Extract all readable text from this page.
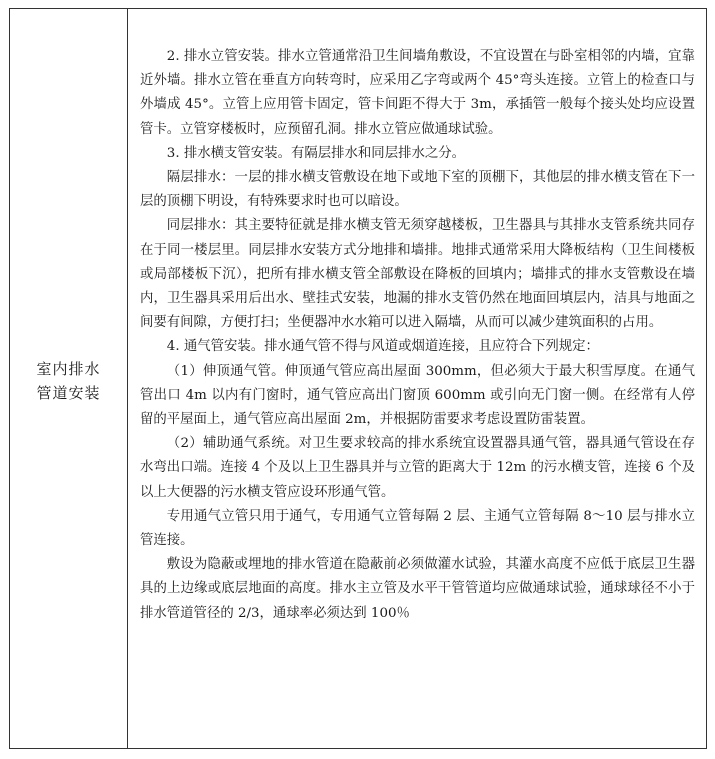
室内排水管道安装

2. 排水立管安装。排水立管通常沿卫生间墙角敷设，不宜设置在与卧室相邻的内墙，宜靠近外墙。排水立管在垂直方向转弯时，应采用乙字弯或两个 45°弯头连接。立管上的检查口与外墙成 45°。立管上应用管卡固定，管卡间距不得大于 3m，承插管一般每个接头处均应设置管卡。立管穿楼板时，应预留孔洞。排水立管应做通球试验。

3. 排水横支管安装。有隔层排水和同层排水之分。

隔层排水：一层的排水横支管敷设在地下或地下室的顶棚下，其他层的排水横支管在下一层的顶棚下明设，有特殊要求时也可以暗设。

同层排水：其主要特征就是排水横支管无须穿越楼板，卫生器具与其排水支管系统共同存在于同一楼层里。同层排水安装方式分地排和墙排。地排式通常采用大降板结构（卫生间楼板或局部楼板下沉），把所有排水横支管全部敷设在降板的回填内；墙排式的排水支管敷设在墙内，卫生器具采用后出水、壁挂式安装，地漏的排水支管仍然在地面回填层内，洁具与地面之间要有间隙，方便打扫；坐便器冲水水箱可以进入隔墙，从而可以减少建筑面积的占用。

4. 通气管安装。排水通气管不得与风道或烟道连接，且应符合下列规定：

（1）伸顶通气管。伸顶通气管应高出屋面 300mm，但必须大于最大积雪厚度。在通气管出口 4m 以内有门窗时，通气管应高出门窗顶 600mm 或引向无门窗一侧。在经常有人停留的平屋面上，通气管应高出屋面 2m，并根据防雷要求考虑设置防雷装置。

（2）辅助通气系统。对卫生要求较高的排水系统宜设置器具通气管，器具通气管设在存水弯出口端。连接 4 个及以上卫生器具并与立管的距离大于 12m 的污水横支管，连接 6 个及以上大便器的污水横支管应设环形通气管。

专用通气立管只用于通气，专用通气立管每隔 2 层、主通气立管每隔 8～10 层与排水立管连接。

敷设为隐蔽或埋地的排水管道在隐蔽前必须做灌水试验，其灌水高度不应低于底层卫生器具的上边缘或底层地面的高度。排水主立管及水平干管管道均应做通球试验，通球球径不小于排水管道管径的 2/3，通球率必须达到 100％
